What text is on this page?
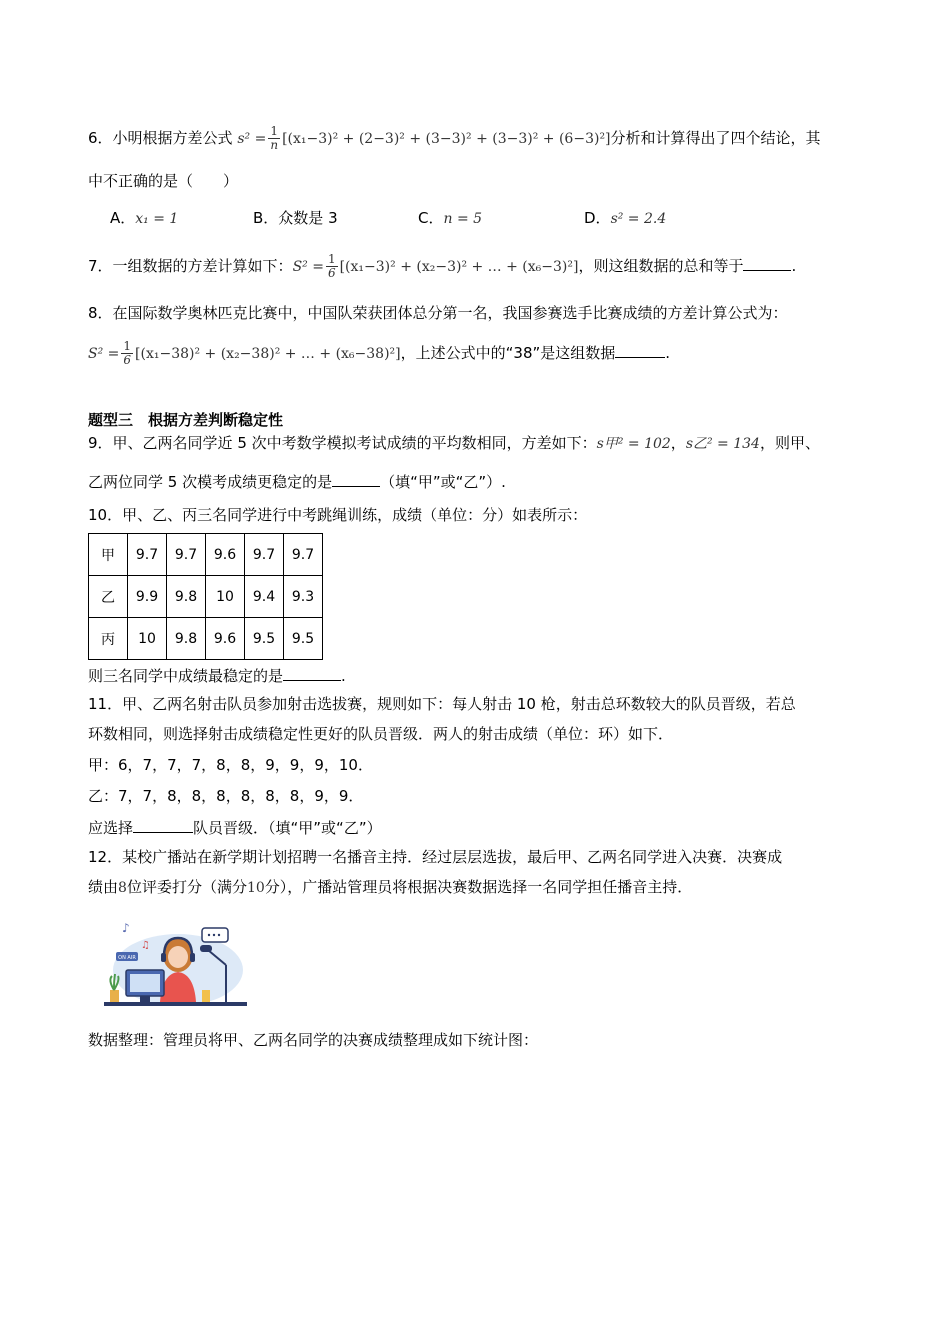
6．小明根据方差公式 $s^2 = \frac{1}{n} [(x_1-3)^2 + (2-3)^2 + (3-3)^2 + (3-3)^2 + (6-3)^2]$分析和计算得出了四个结论，其
中不正确的是（　　）
A．x₁ = 1	B．众数是 3	C．n = 5	D．s² = 2.4
7．一组数据的方差计算如下：$S^2 = \frac{1}{6} [(x_1-3)^2 + (x_2-3)^2$ + … + (x₆−3)²]，则这组数据的总和等于	.
8．在国际数学奥林匹克比赛中，中国队荣获团体总分第一名，我国参赛选手比赛成绩的方差计算公式为：
$S^2 = \frac{1}{6} [(x_1-38)^2 + (x_2-38)^2$ + … + (x₆−38)²]，上述公式中的“38”是这组数据	.
题型三　根据方差判断稳定性
9．甲、乙两名同学近 5 次中考数学模拟考试成绩的平均数相同，方差如下：s甲² = 102，s乙² = 134，则甲、
乙两位同学 5 次模考成绩更稳定的是	（填“甲”或“乙”）.
10．甲、乙、丙三名同学进行中考跳绳训练，成绩（单位：分）如表所示：
甲	9.7	9.7	9.6	9.7	9.7
乙	9.9	9.8	10	9.4	9.3
丙	10	9.8	9.6	9.5	9.5
则三名同学中成绩最稳定的是	.
11．甲、乙两名射击队员参加射击选拔赛，规则如下：每人射击 10 枪，射击总环数较大的队员晋级，若总
环数相同，则选择射击成绩稳定性更好的队员晋级．两人的射击成绩（单位：环）如下．
甲：6，7，7，7，8，8，9，9，9，10．
乙：7，7，8，8，8，8，8，8，9，9．
应选择	队员晋级．（填“甲”或“乙”）
12．某校广播站在新学期计划招聘一名播音主持．经过层层选拔，最后甲、乙两名同学进入决赛．决赛成
绩由8位评委打分（满分10分），广播站管理员将根据决赛数据选择一名同学担任播音主持．
ON AIR
♪
♫
数据整理：管理员将甲、乙两名同学的决赛成绩整理成如下统计图：
